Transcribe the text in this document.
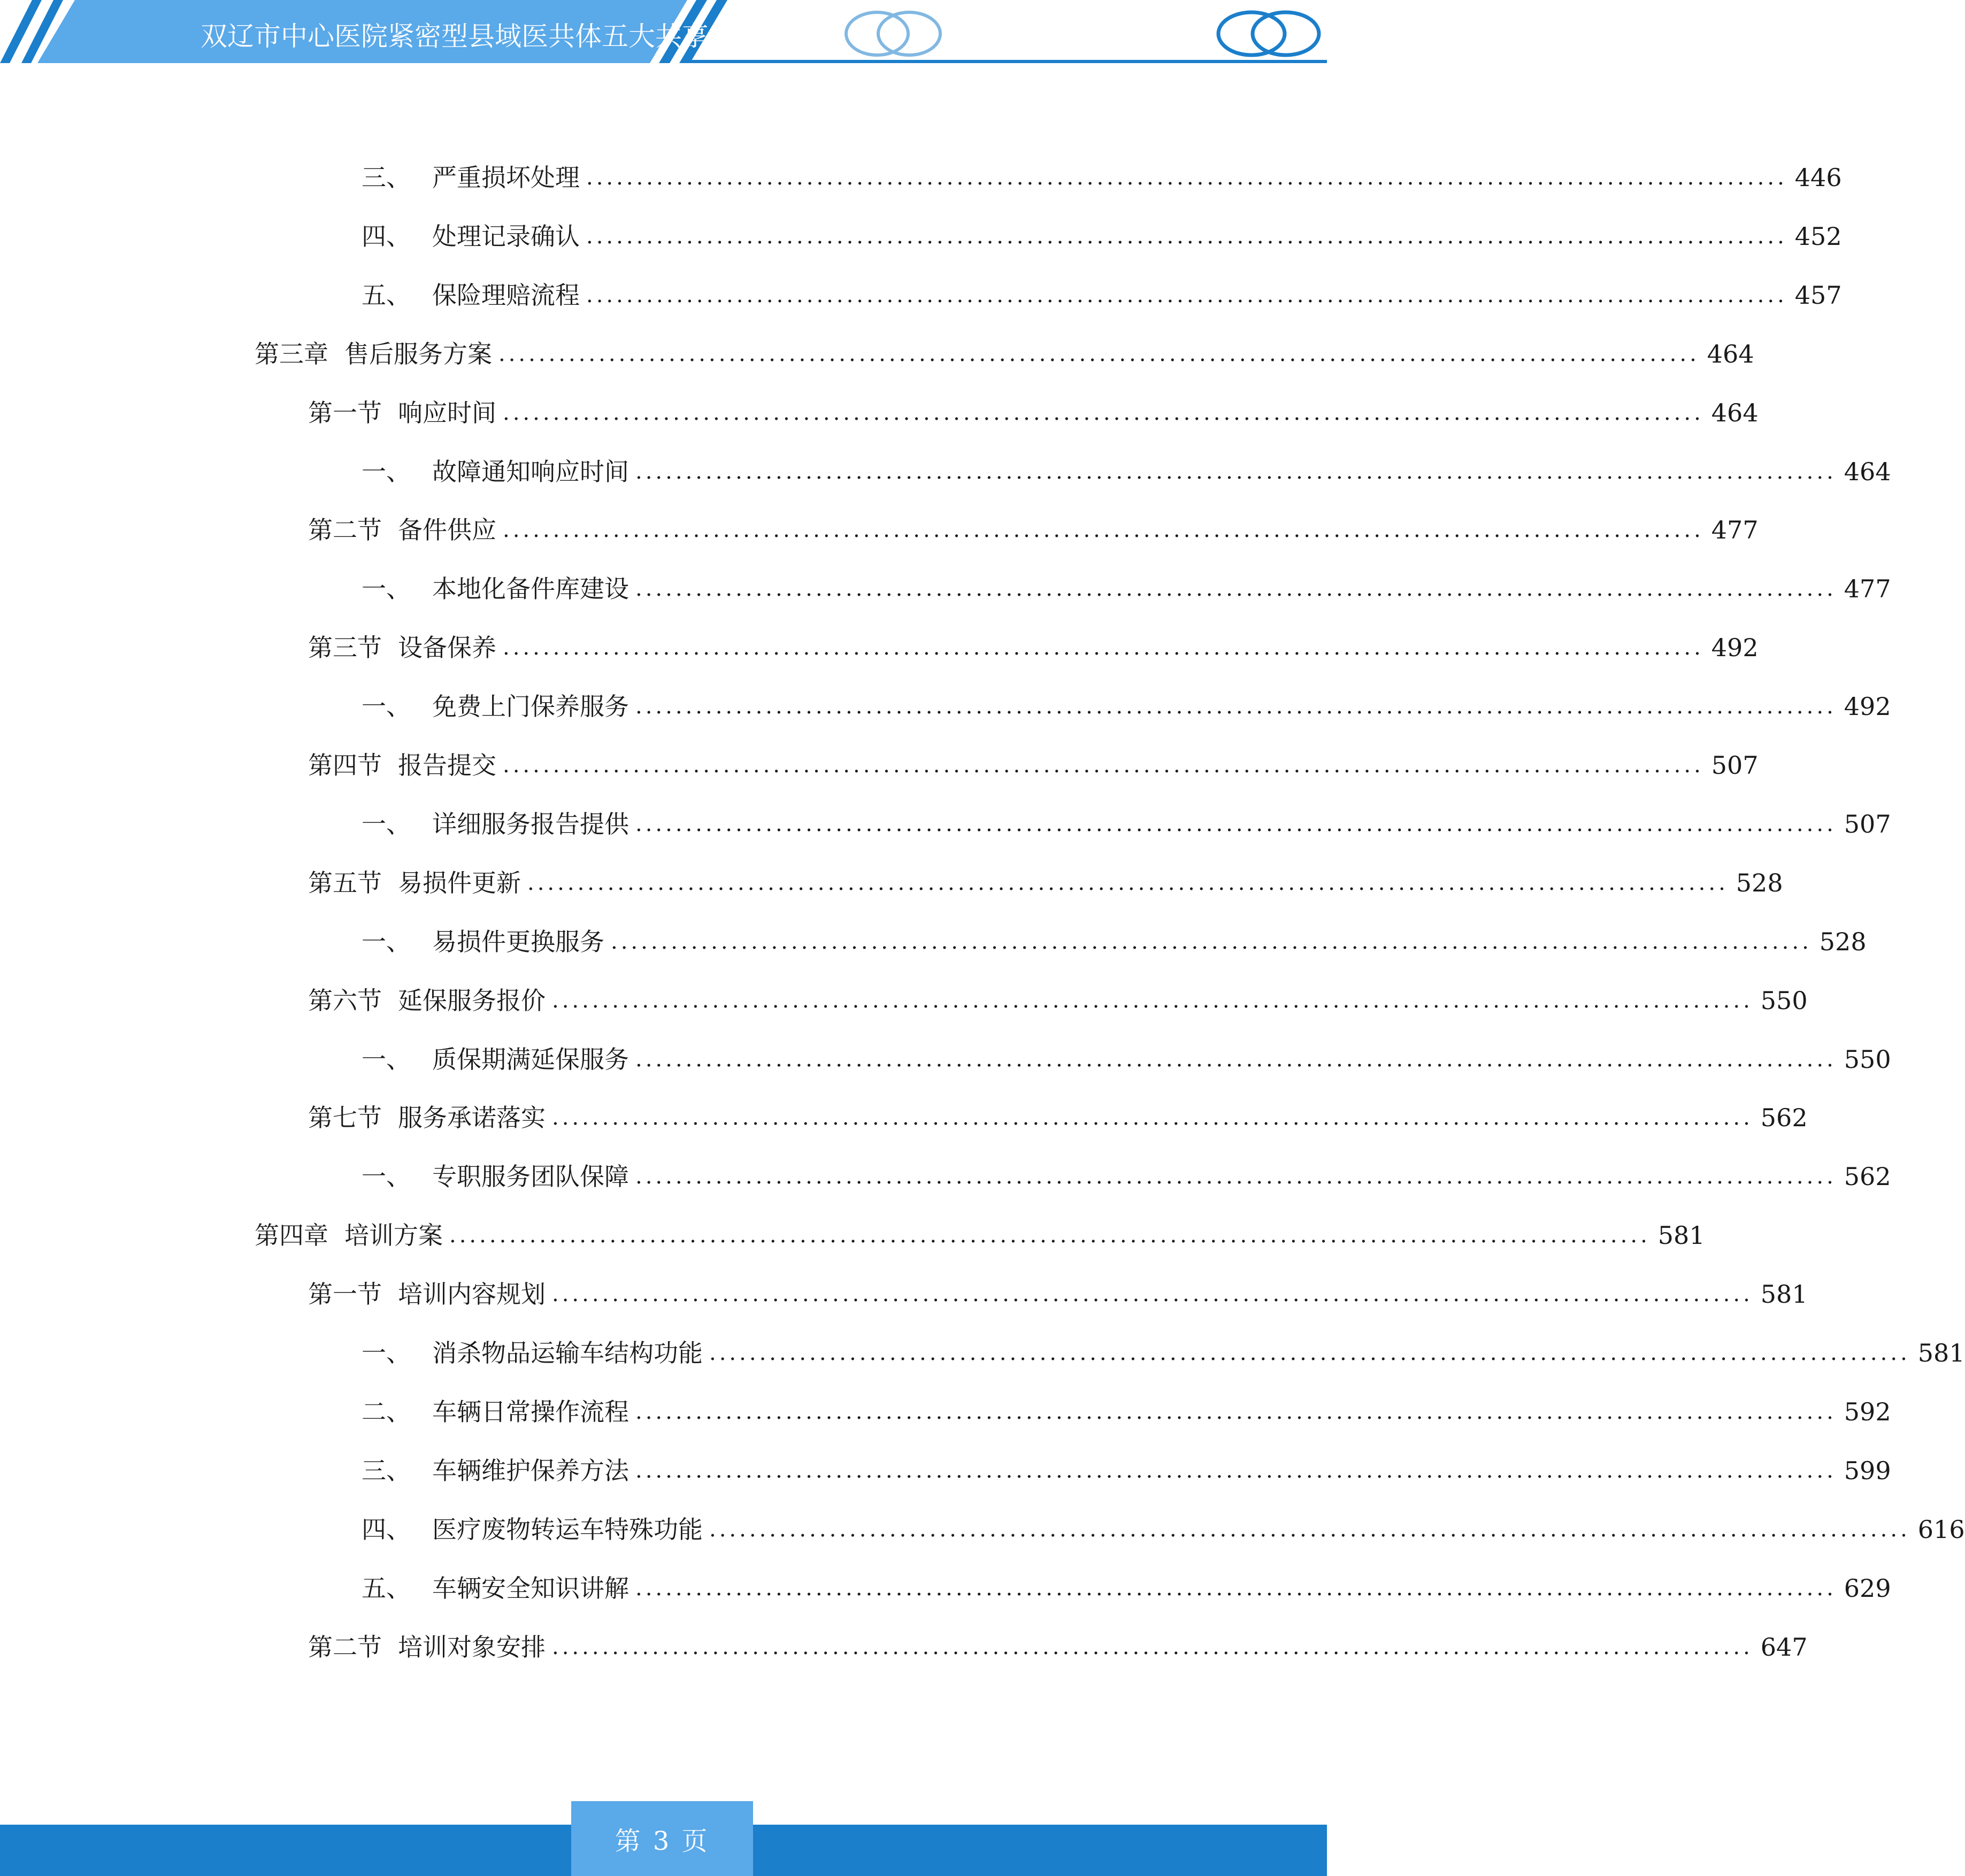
双辽市中心医院紧密型县域医共体五大共享中心建设
三、 严重损坏处理 ........................................................................................................................ 446
四、 处理记录确认 ........................................................................................................................ 452
五、 保险理赔流程 ........................................................................................................................ 457
第三章 售后服务方案 ........................................................................................................................ 464
第一节 响应时间 ........................................................................................................................ 464
一、 故障通知响应时间 ........................................................................................................................ 464
第二节 备件供应 ........................................................................................................................ 477
一、 本地化备件库建设 ........................................................................................................................ 477
第三节 设备保养 ........................................................................................................................ 492
一、 免费上门保养服务 ........................................................................................................................ 492
第四节 报告提交 ........................................................................................................................ 507
一、 详细服务报告提供 ........................................................................................................................ 507
第五节 易损件更新 ........................................................................................................................ 528
一、 易损件更换服务 ........................................................................................................................ 528
第六节 延保服务报价 ........................................................................................................................ 550
一、 质保期满延保服务 ........................................................................................................................ 550
第七节 服务承诺落实 ........................................................................................................................ 562
一、 专职服务团队保障 ........................................................................................................................ 562
第四章 培训方案 ........................................................................................................................ 581
第一节 培训内容规划 ........................................................................................................................ 581
一、 消杀物品运输车结构功能 ........................................................................................................................ 581
二、 车辆日常操作流程 ........................................................................................................................ 592
三、 车辆维护保养方法 ........................................................................................................................ 599
四、 医疗废物转运车特殊功能 ........................................................................................................................ 616
五、 车辆安全知识讲解 ........................................................................................................................ 629
第二节 培训对象安排 ........................................................................................................................ 647
第 3 页
